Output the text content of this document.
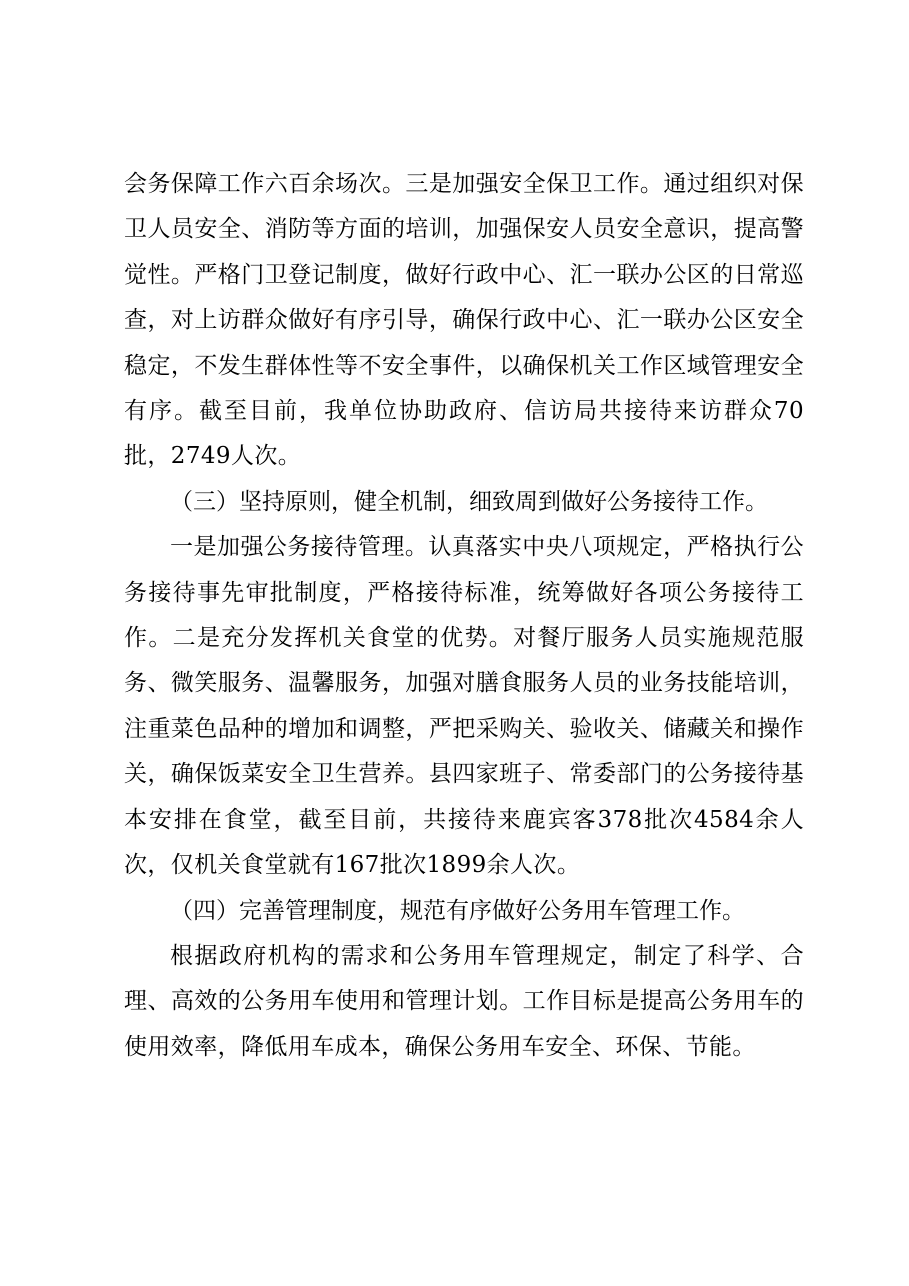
会务保障工作六百余场次。三是加强安全保卫工作。通过组织对保卫人员安全、消防等方面的培训，加强保安人员安全意识，提高警觉性。严格门卫登记制度，做好行政中心、汇一联办公区的日常巡查，对上访群众做好有序引导，确保行政中心、汇一联办公区安全稳定，不发生群体性等不安全事件，以确保机关工作区域管理安全有序。截至目前，我单位协助政府、信访局共接待来访群众70批，2749人次。

（三）坚持原则，健全机制，细致周到做好公务接待工作。

一是加强公务接待管理。认真落实中央八项规定，严格执行公务接待事先审批制度，严格接待标准，统筹做好各项公务接待工作。二是充分发挥机关食堂的优势。对餐厅服务人员实施规范服务、微笑服务、温馨服务，加强对膳食服务人员的业务技能培训，注重菜色品种的增加和调整，严把采购关、验收关、储藏关和操作关，确保饭菜安全卫生营养。县四家班子、常委部门的公务接待基本安排在食堂，截至目前，共接待来鹿宾客378批次4584余人次，仅机关食堂就有167批次1899余人次。

（四）完善管理制度，规范有序做好公务用车管理工作。

根据政府机构的需求和公务用车管理规定，制定了科学、合理、高效的公务用车使用和管理计划。工作目标是提高公务用车的使用效率，降低用车成本，确保公务用车安全、环保、节能。
